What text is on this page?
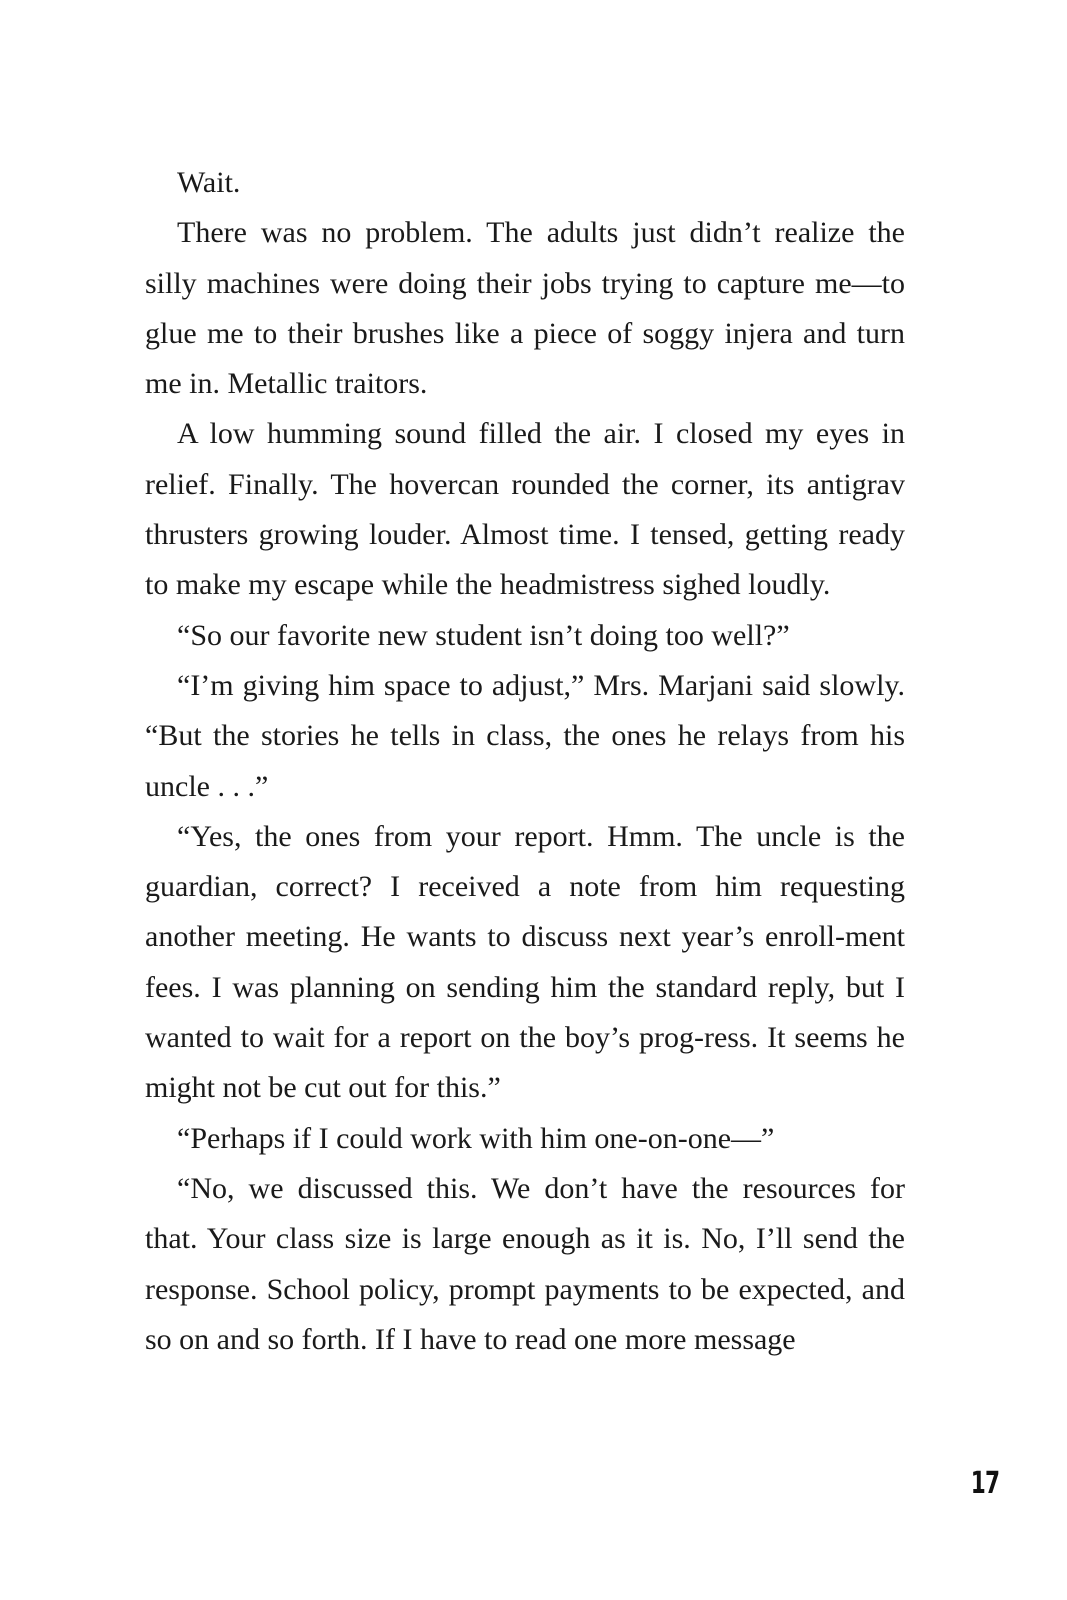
Wait.

There was no problem. The adults just didn’t realize the silly machines were doing their jobs trying to capture me—to glue me to their brushes like a piece of soggy injera and turn me in. Metallic traitors.

A low humming sound filled the air. I closed my eyes in relief. Finally. The hovercan rounded the corner, its antigrav thrusters growing louder. Almost time. I tensed, getting ready to make my escape while the headmistress sighed loudly.

“So our favorite new student isn’t doing too well?”

“I’m giving him space to adjust,” Mrs. Marjani said slowly. “But the stories he tells in class, the ones he relays from his uncle . . .”

“Yes, the ones from your report. Hmm. The uncle is the guardian, correct? I received a note from him requesting another meeting. He wants to discuss next year’s enroll-ment fees. I was planning on sending him the standard reply, but I wanted to wait for a report on the boy’s prog-ress. It seems he might not be cut out for this.”

“Perhaps if I could work with him one-on-one—”

“No, we discussed this. We don’t have the resources for that. Your class size is large enough as it is. No, I’ll send the response. School policy, prompt payments to be expected, and so on and so forth. If I have to read one more message

17
